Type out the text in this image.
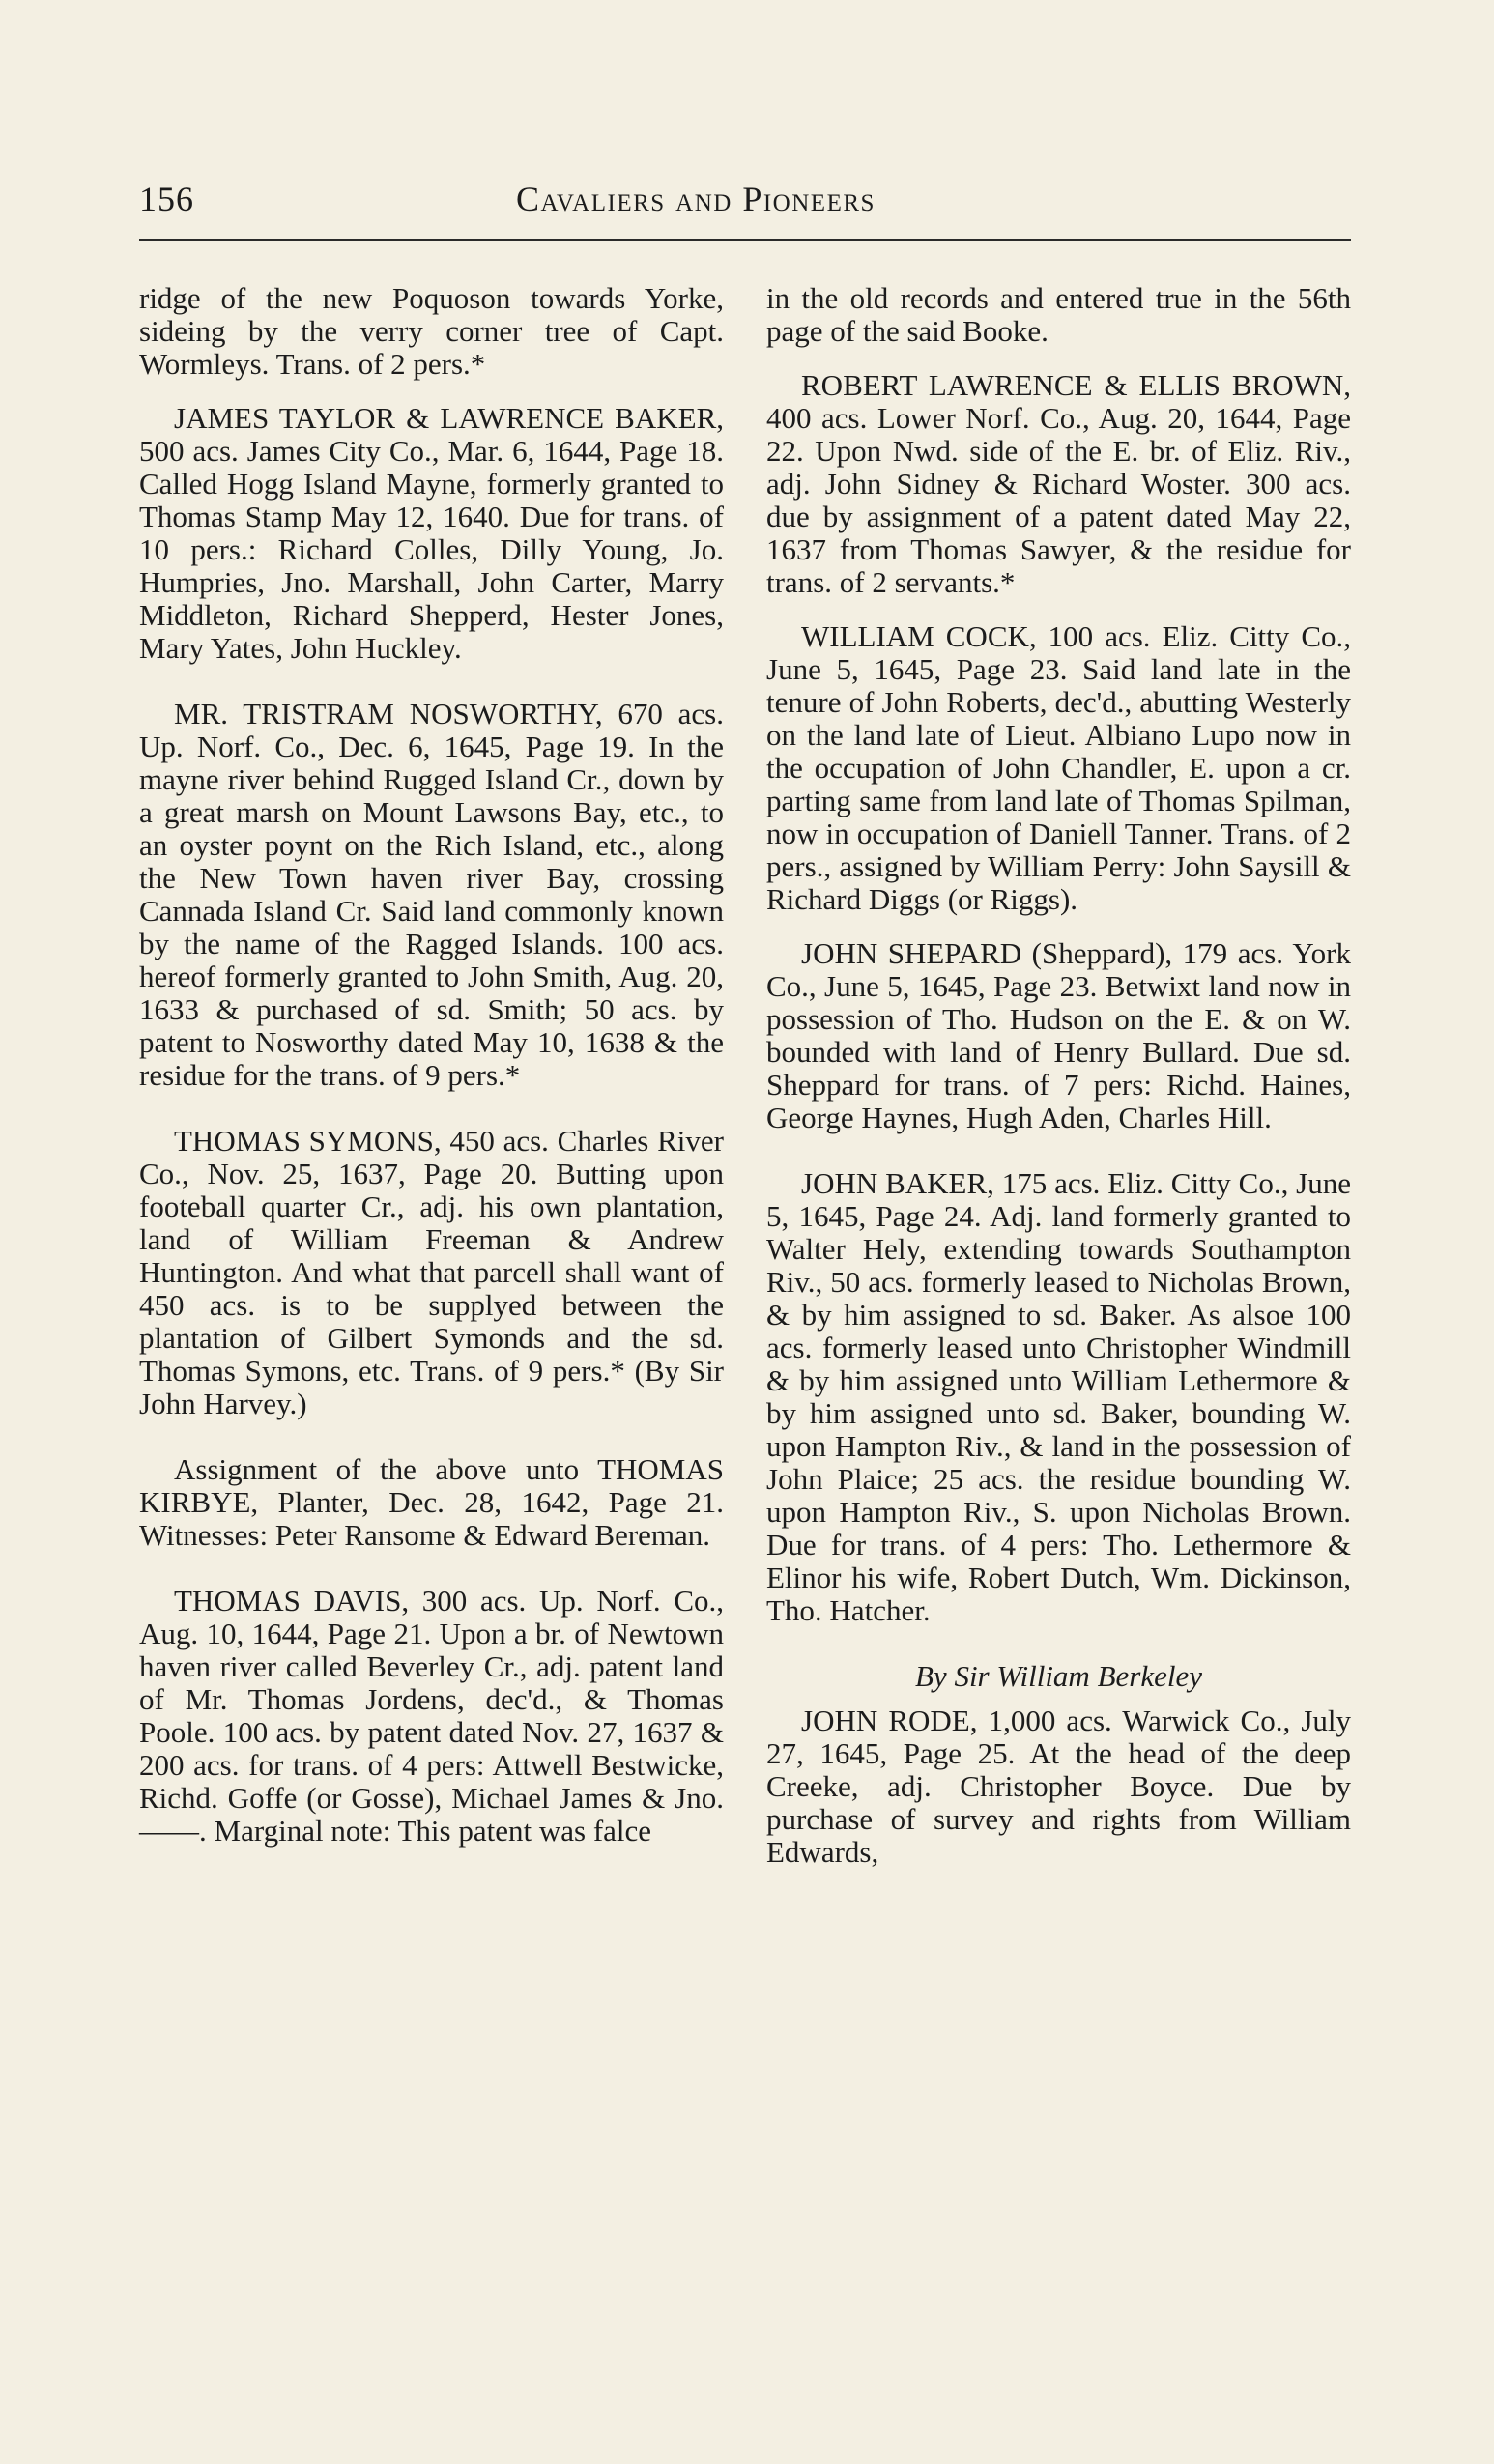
156	Cavaliers and Pioneers

ridge of the new Poquoson towards Yorke, sideing by the verry corner tree of Capt. Wormleys. Trans. of 2 pers.*

JAMES TAYLOR & LAWRENCE BAKER, 500 acs. James City Co., Mar. 6, 1644, Page 18. Called Hogg Island Mayne, formerly granted to Thomas Stamp May 12, 1640. Due for trans. of 10 pers.: Richard Colles, Dilly Young, Jo. Humpries, Jno. Marshall, John Carter, Marry Middleton, Richard Shepperd, Hester Jones, Mary Yates, John Huckley.

MR. TRISTRAM NOSWORTHY, 670 acs. Up. Norf. Co., Dec. 6, 1645, Page 19. In the mayne river behind Rugged Island Cr., down by a great marsh on Mount Lawsons Bay, etc., to an oyster poynt on the Rich Island, etc., along the New Town haven river Bay, crossing Cannada Island Cr. Said land commonly known by the name of the Ragged Islands. 100 acs. hereof formerly granted to John Smith, Aug. 20, 1633 & purchased of sd. Smith; 50 acs. by patent to Nosworthy dated May 10, 1638 & the residue for the trans. of 9 pers.*

THOMAS SYMONS, 450 acs. Charles River Co., Nov. 25, 1637, Page 20. Butting upon footeball quarter Cr., adj. his own plantation, land of William Freeman & Andrew Huntington. And what that parcell shall want of 450 acs. is to be supplyed between the plantation of Gilbert Symonds and the sd. Thomas Symons, etc. Trans. of 9 pers.* (By Sir John Harvey.)

Assignment of the above unto THOMAS KIRBYE, Planter, Dec. 28, 1642, Page 21. Witnesses: Peter Ransome & Edward Bereman.

THOMAS DAVIS, 300 acs. Up. Norf. Co., Aug. 10, 1644, Page 21. Upon a br. of Newtown haven river called Beverley Cr., adj. patent land of Mr. Thomas Jordens, dec'd., & Thomas Poole. 100 acs. by patent dated Nov. 27, 1637 & 200 acs. for trans. of 4 pers: Attwell Bestwicke, Richd. Goffe (or Gosse), Michael James & Jno. ——. Marginal note: This patent was falce

in the old records and entered true in the 56th page of the said Booke.

ROBERT LAWRENCE & ELLIS BROWN, 400 acs. Lower Norf. Co., Aug. 20, 1644, Page 22. Upon Nwd. side of the E. br. of Eliz. Riv., adj. John Sidney & Richard Woster. 300 acs. due by assignment of a patent dated May 22, 1637 from Thomas Sawyer, & the residue for trans. of 2 servants.*

WILLIAM COCK, 100 acs. Eliz. Citty Co., June 5, 1645, Page 23. Said land late in the tenure of John Roberts, dec'd., abutting Westerly on the land late of Lieut. Albiano Lupo now in the occupation of John Chandler, E. upon a cr. parting same from land late of Thomas Spilman, now in occupation of Daniell Tanner. Trans. of 2 pers., assigned by William Perry: John Saysill & Richard Diggs (or Riggs).

JOHN SHEPARD (Sheppard), 179 acs. York Co., June 5, 1645, Page 23. Betwixt land now in possession of Tho. Hudson on the E. & on W. bounded with land of Henry Bullard. Due sd. Sheppard for trans. of 7 pers: Richd. Haines, George Haynes, Hugh Aden, Charles Hill.

JOHN BAKER, 175 acs. Eliz. Citty Co., June 5, 1645, Page 24. Adj. land formerly granted to Walter Hely, extending towards Southampton Riv., 50 acs. formerly leased to Nicholas Brown, & by him assigned to sd. Baker. As alsoe 100 acs. formerly leased unto Christopher Windmill & by him assigned unto William Lethermore & by him assigned unto sd. Baker, bounding W. upon Hampton Riv., & land in the possession of John Plaice; 25 acs. the residue bounding W. upon Hampton Riv., S. upon Nicholas Brown. Due for trans. of 4 pers: Tho. Lethermore & Elinor his wife, Robert Dutch, Wm. Dickinson, Tho. Hatcher.

By Sir William Berkeley

JOHN RODE, 1,000 acs. Warwick Co., July 27, 1645, Page 25. At the head of the deep Creeke, adj. Christopher Boyce. Due by purchase of survey and rights from William Edwards,
